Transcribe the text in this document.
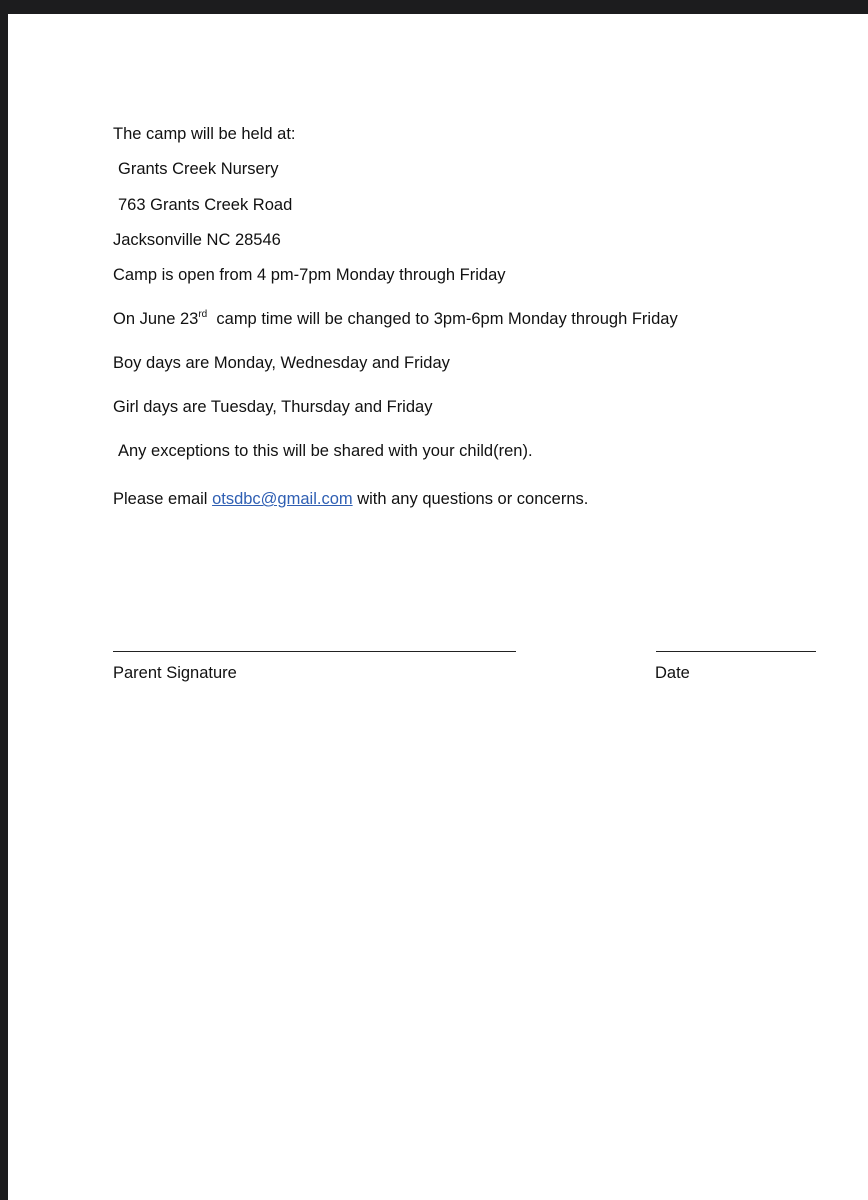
The camp will be held at:
Grants Creek Nursery
763 Grants Creek Road
Jacksonville NC 28546
Camp is open from 4 pm-7pm Monday through Friday
On June 23rd  camp time will be changed to 3pm-6pm Monday through Friday
Boy days are Monday, Wednesday and Friday
Girl days are Tuesday, Thursday and Friday
Any exceptions to this will be shared with your child(ren).
Please email otsdbc@gmail.com with any questions or concerns.
Parent Signature	Date
